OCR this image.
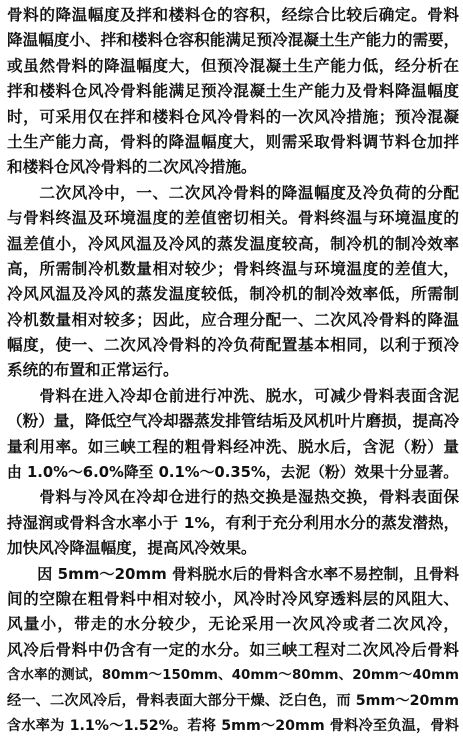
骨料的降温幅度及拌和楼料仓的容积，经综合比较后确定。骨料
降温幅度小、拌和楼料仓容积能满足预冷混凝土生产能力的需要，
或虽然骨料的降温幅度大，但预冷混凝土生产能力低，经分析在
拌和楼料仓风冷骨料能满足预冷混凝土生产能力及骨料降温幅度
时，可采用仅在拌和楼料仓风冷骨料的一次风冷措施；预冷混凝
土生产能力高，骨料的降温幅度大，则需采取骨料调节料仓加拌
和楼料仓风冷骨料的二次风冷措施。
　　二次风冷中，一、二次风冷骨料的降温幅度及冷负荷的分配
与骨料终温及环境温度的差值密切相关。骨料终温与环境温度的
温差值小，冷风风温及冷风的蒸发温度较高，制冷机的制冷效率
高，所需制冷机数量相对较少；骨料终温与环境温度的差值大，
冷风风温及冷风的蒸发温度较低，制冷机的制冷效率低，所需制
冷机数量相对较多；因此，应合理分配一、二次风冷骨料的降温
幅度，使一、二次风冷骨料的冷负荷配置基本相同，以利于预冷
系统的布置和正常运行。
　　骨料在进入冷却仓前进行冲洗、脱水，可减少骨料表面含泥
（粉）量，降低空气冷却器蒸发排管结垢及风机叶片磨损，提高冷
量利用率。如三峡工程的粗骨料经冲洗、脱水后，含泥（粉）量
由 1.0%～6.0%降至 0.1%～0.35%，去泥（粉）效果十分显著。
　　骨料与冷风在冷却仓进行的热交换是湿热交换，骨料表面保
持湿润或骨料含水率小于 1%，有利于充分利用水分的蒸发潜热，
加快风冷降温幅度，提高风冷效果。
　　因 5mm～20mm 骨料脱水后的骨料含水率不易控制，且骨料
间的空隙在粗骨料中相对较小，风冷时冷风穿透料层的风阻大、
风量小，带走的水分较少，无论采用一次风冷或者二次风冷，
风冷后骨料中仍含有一定的水分。如三峡工程对二次风冷后骨料
含水率的测试，80mm～150mm、40mm～80mm、20mm～40mm
经一、二次风冷后，骨料表面大部分干燥、泛白色，而 5mm～20mm
含水率为 1.1%～1.52%。若将 5mm～20mm 骨料冷至负温，骨料
